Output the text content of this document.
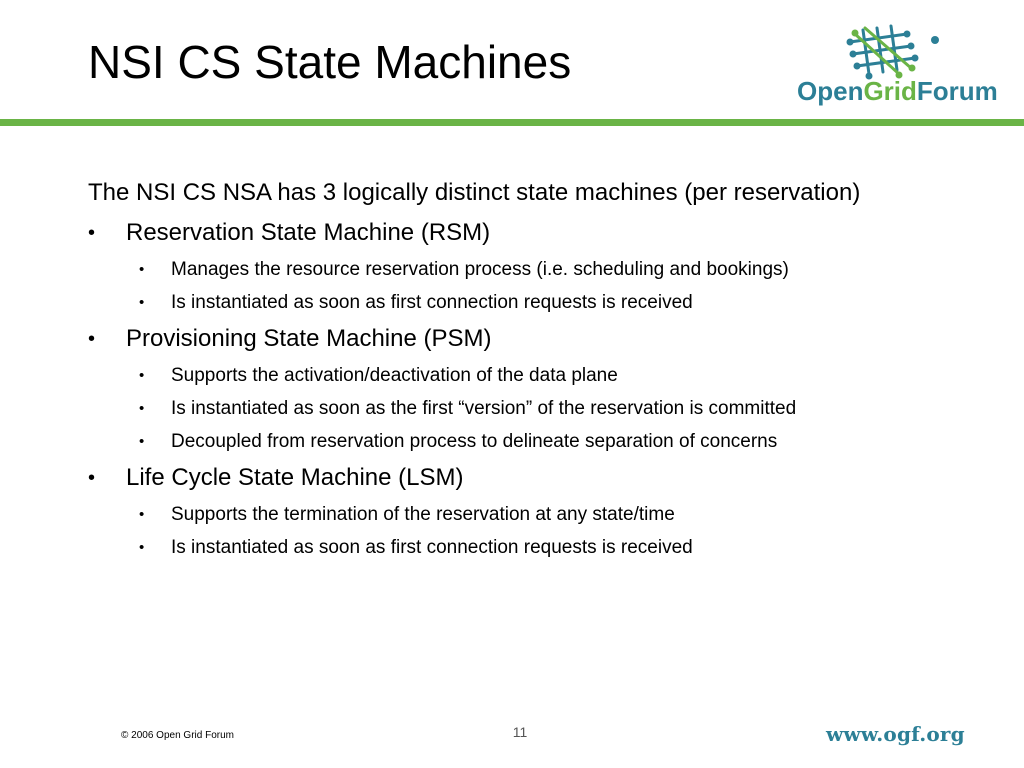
NSI CS State Machines
OpenGridForum

The NSI CS NSA has 3 logically distinct state machines (per reservation)

• Reservation State Machine (RSM)
• Manages the resource reservation process (i.e. scheduling and bookings)
• Is instantiated as soon as first connection requests is received
• Provisioning State Machine (PSM)
• Supports the activation/deactivation of the data plane
• Is instantiated as soon as the first “version” of the reservation is committed
• Decoupled from reservation process to delineate separation of concerns
• Life Cycle State Machine (LSM)
• Supports the termination of the reservation at any state/time
• Is instantiated as soon as first connection requests is received
11
© 2006 Open Grid Forum	www.ogf.org
